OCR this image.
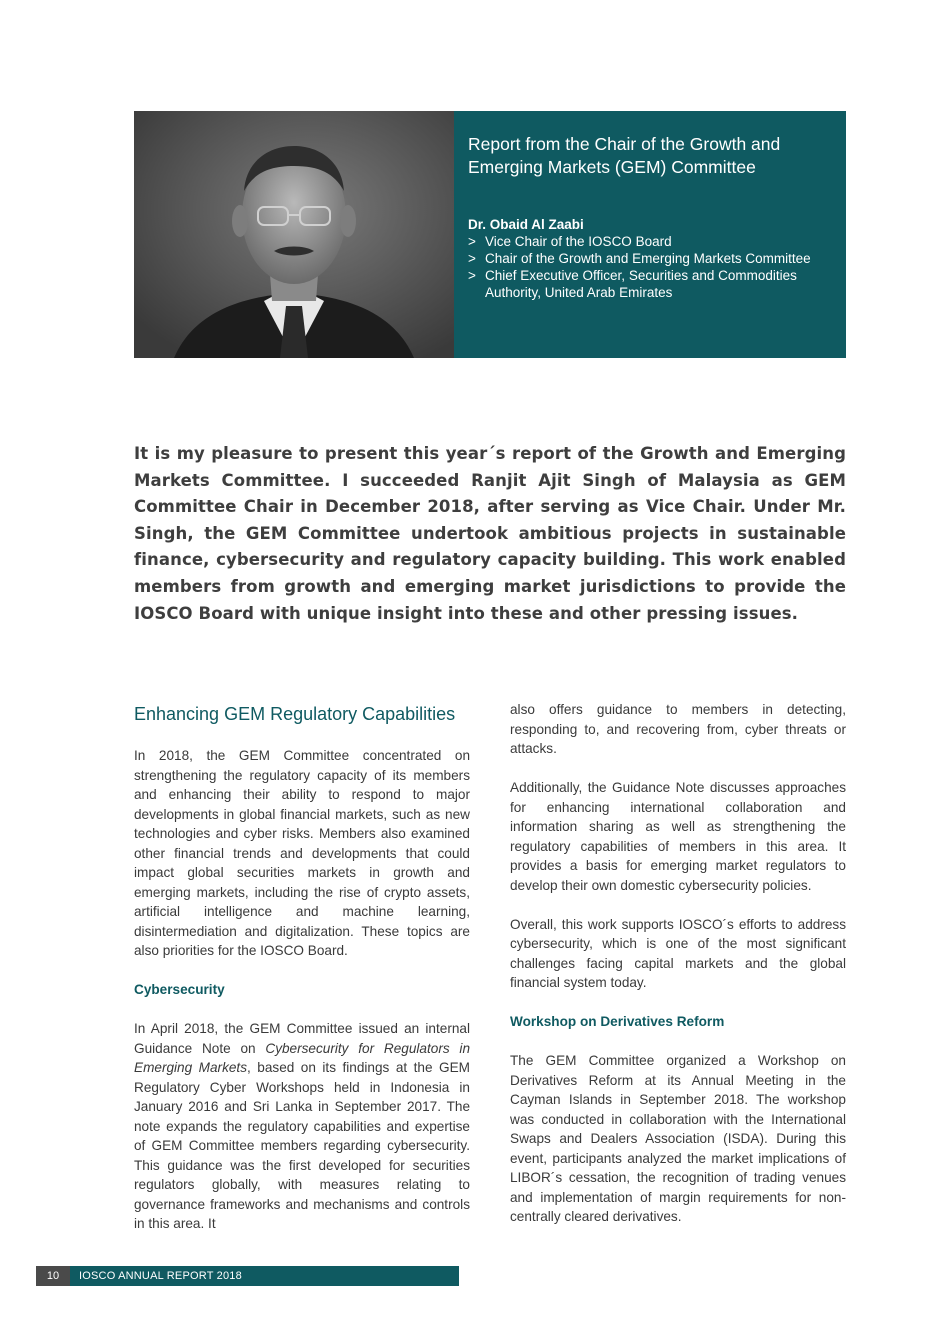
Report from the Chair of the Growth and Emerging Markets (GEM) Committee

Dr. Obaid Al Zaabi

> Vice Chair of the IOSCO Board
> Chair of the Growth and Emerging Markets Committee
> Chief Executive Officer, Securities and Commodities Authority, United Arab Emirates
It is my pleasure to present this year´s report of the Growth and Emerging Markets Committee. I succeeded Ranjit Ajit Singh of Malaysia as GEM Committee Chair in December 2018, after serving as Vice Chair. Under Mr. Singh, the GEM Committee undertook ambitious projects in sustainable finance, cybersecurity and regulatory capacity building. This work enabled members from growth and emerging market jurisdictions to provide the IOSCO Board with unique insight into these and other pressing issues.
Enhancing GEM Regulatory Capabilities

In 2018, the GEM Committee concentrated on strengthening the regulatory capacity of its members and enhancing their ability to respond to major developments in global financial markets, such as new technologies and cyber risks. Members also examined other financial trends and developments that could impact global securities markets in growth and emerging markets, including the rise of crypto assets, artificial intelligence and machine learning, disintermediation and digitalization. These topics are also priorities for the IOSCO Board.

Cybersecurity

In April 2018, the GEM Committee issued an internal Guidance Note on Cybersecurity for Regulators in Emerging Markets, based on its findings at the GEM Regulatory Cyber Workshops held in Indonesia in January 2016 and Sri Lanka in September 2017. The note expands the regulatory capabilities and expertise of GEM Committee members regarding cybersecurity. This guidance was the first developed for securities regulators globally, with measures relating to governance frameworks and mechanisms and controls in this area. It

also offers guidance to members in detecting, responding to, and recovering from, cyber threats or attacks.

Additionally, the Guidance Note discusses approaches for enhancing international collaboration and information sharing as well as strengthening the regulatory capabilities of members in this area. It provides a basis for emerging market regulators to develop their own domestic cybersecurity policies.

Overall, this work supports IOSCO´s efforts to address cybersecurity, which is one of the most significant challenges facing capital markets and the global financial system today.

Workshop on Derivatives Reform

The GEM Committee organized a Workshop on Derivatives Reform at its Annual Meeting in the Cayman Islands in September 2018. The workshop was conducted in collaboration with the International Swaps and Dealers Association (ISDA). During this event, participants analyzed the market implications of LIBOR´s cessation, the recognition of trading venues and implementation of margin requirements for non-centrally cleared derivatives.

10	IOSCO ANNUAL REPORT 2018
